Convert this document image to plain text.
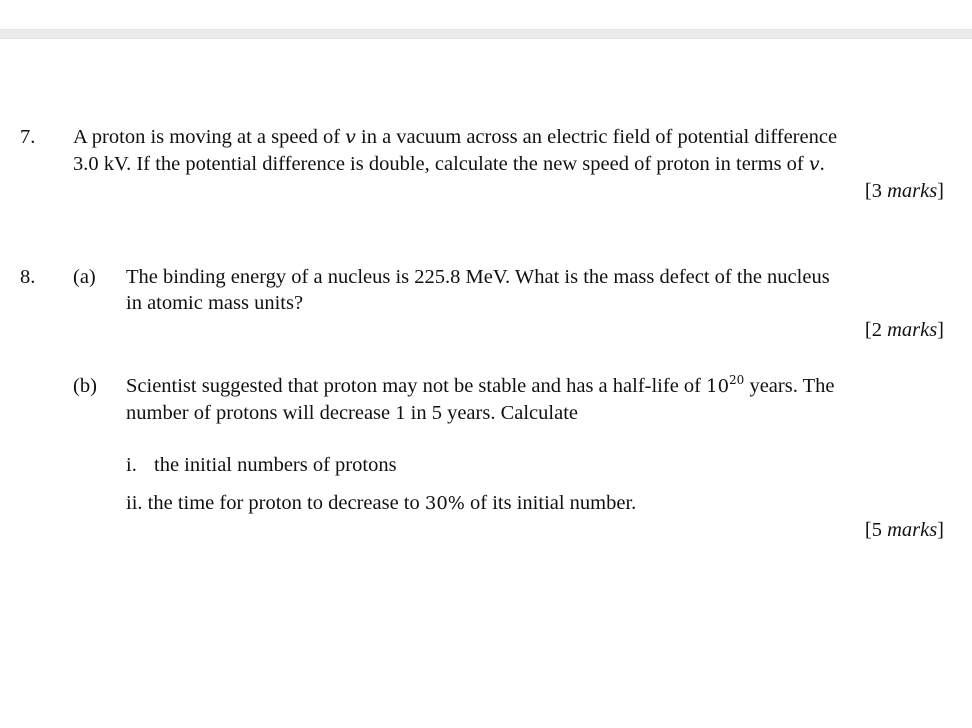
7. A proton is moving at a speed of v in a vacuum across an electric field of potential difference
3.0 kV. If the potential difference is double, calculate the new speed of proton in terms of v.
[3 marks]
8. (a) The binding energy of a nucleus is 225.8 MeV. What is the mass defect of the nucleus
in atomic mass units?
[2 marks]
(b) Scientist suggested that proton may not be stable and has a half-life of $10^{20}$ years. The
number of protons will decrease 1 in 5 years. Calculate
i. the initial numbers of protons
ii. the time for proton to decrease to 30% of its initial number.
[5 marks]
